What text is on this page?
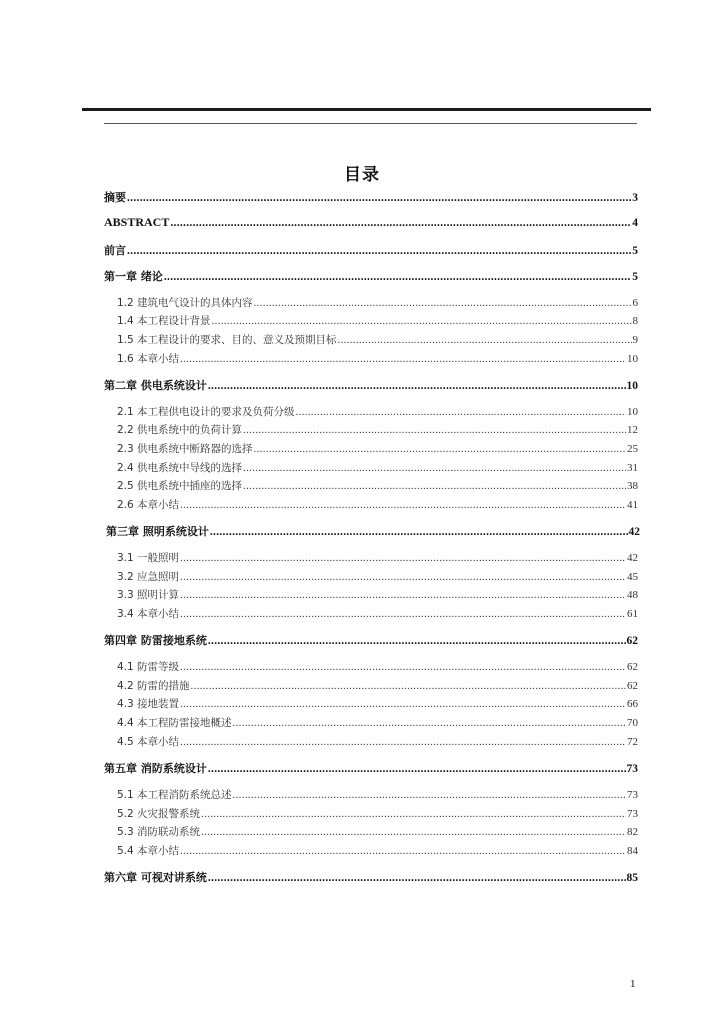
目录
摘要 .....	3
ABSTRACT .....	4
前言 .....	5
第一章 绪论 .....	5
1.2 建筑电气设计的具体内容 .....	6
1.4 本工程设计背景 .....	8
1.5 本工程设计的要求、目的、意义及预期目标 .....	9
1.6 本章小结 .....	10
第二章 供电系统设计 .....	10
2.1 本工程供电设计的要求及负荷分级 .....	10
2.2 供电系统中的负荷计算 .....	12
2.3 供电系统中断路器的选择 .....	25
2.4 供电系统中导线的选择 .....	31
2.5 供电系统中插座的选择 .....	38
2.6 本章小结 .....	41
第三章 照明系统设计 .....	42
3.1 一般照明 .....	42
3.2 应急照明 .....	45
3.3 照明计算 .....	48
3.4 本章小结 .....	61
第四章 防雷接地系统 .....	62
4.1 防雷等级 .....	62
4.2 防雷的措施 .....	62
4.3 接地装置 .....	66
4.4 本工程防雷接地概述 .....	70
4.5 本章小结 .....	72
第五章 消防系统设计 .....	73
5.1 本工程消防系统总述 .....	73
5.2 火灾报警系统 .....	73
5.3 消防联动系统 .....	82
5.4 本章小结 .....	84
第六章 可视对讲系统 .....	85
1
